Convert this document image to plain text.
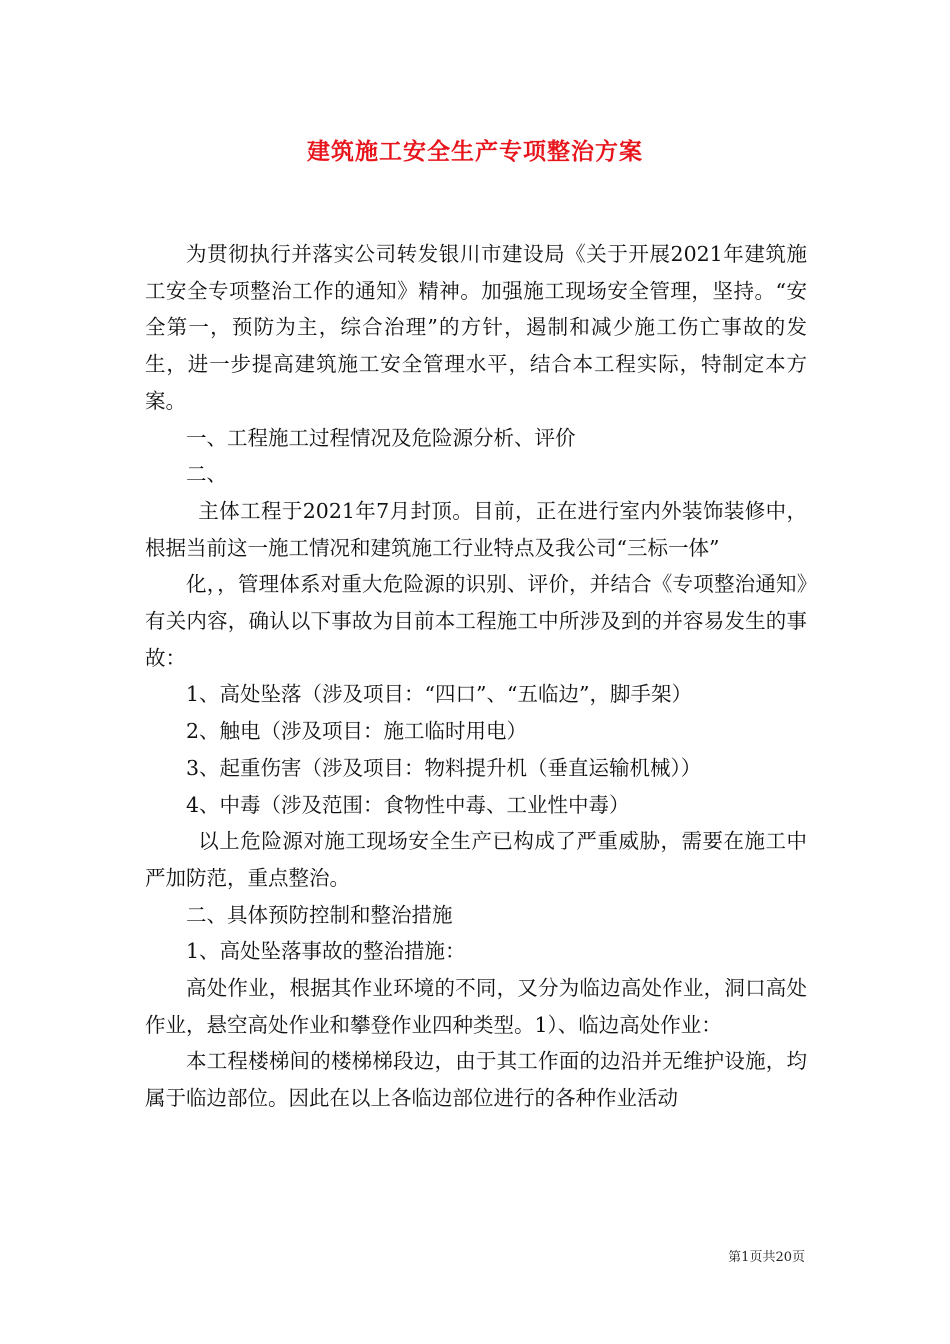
建筑施工安全生产专项整治方案

为贯彻执行并落实公司转发银川市建设局《关于开展2021年建筑施工安全专项整治工作的通知》精神。加强施工现场安全管理，坚持。“安全第一，预防为主，综合治理”的方针，遏制和减少施工伤亡事故的发生，进一步提高建筑施工安全管理水平，结合本工程实际，特制定本方案。

一、工程施工过程情况及危险源分析、评价

二、

主体工程于2021年7月封顶。目前，正在进行室内外装饰装修中，根据当前这一施工情况和建筑施工行业特点及我公司“三标一体”

化，，管理体系对重大危险源的识别、评价，并结合《专项整治通知》有关内容，确认以下事故为目前本工程施工中所涉及到的并容易发生的事故：

1、高处坠落（涉及项目：“四口”、“五临边”，脚手架）

2、触电（涉及项目：施工临时用电）

3、起重伤害（涉及项目：物料提升机（垂直运输机械））

4、中毒（涉及范围：食物性中毒、工业性中毒）

以上危险源对施工现场安全生产已构成了严重威胁，需要在施工中严加防范，重点整治。

二、具体预防控制和整治措施

1、高处坠落事故的整治措施：

高处作业，根据其作业环境的不同，又分为临边高处作业，洞口高处作业，悬空高处作业和攀登作业四种类型。1）、临边高处作业：

本工程楼梯间的楼梯梯段边，由于其工作面的边沿并无维护设施，均属于临边部位。因此在以上各临边部位进行的各种作业活动

第1页共20页
